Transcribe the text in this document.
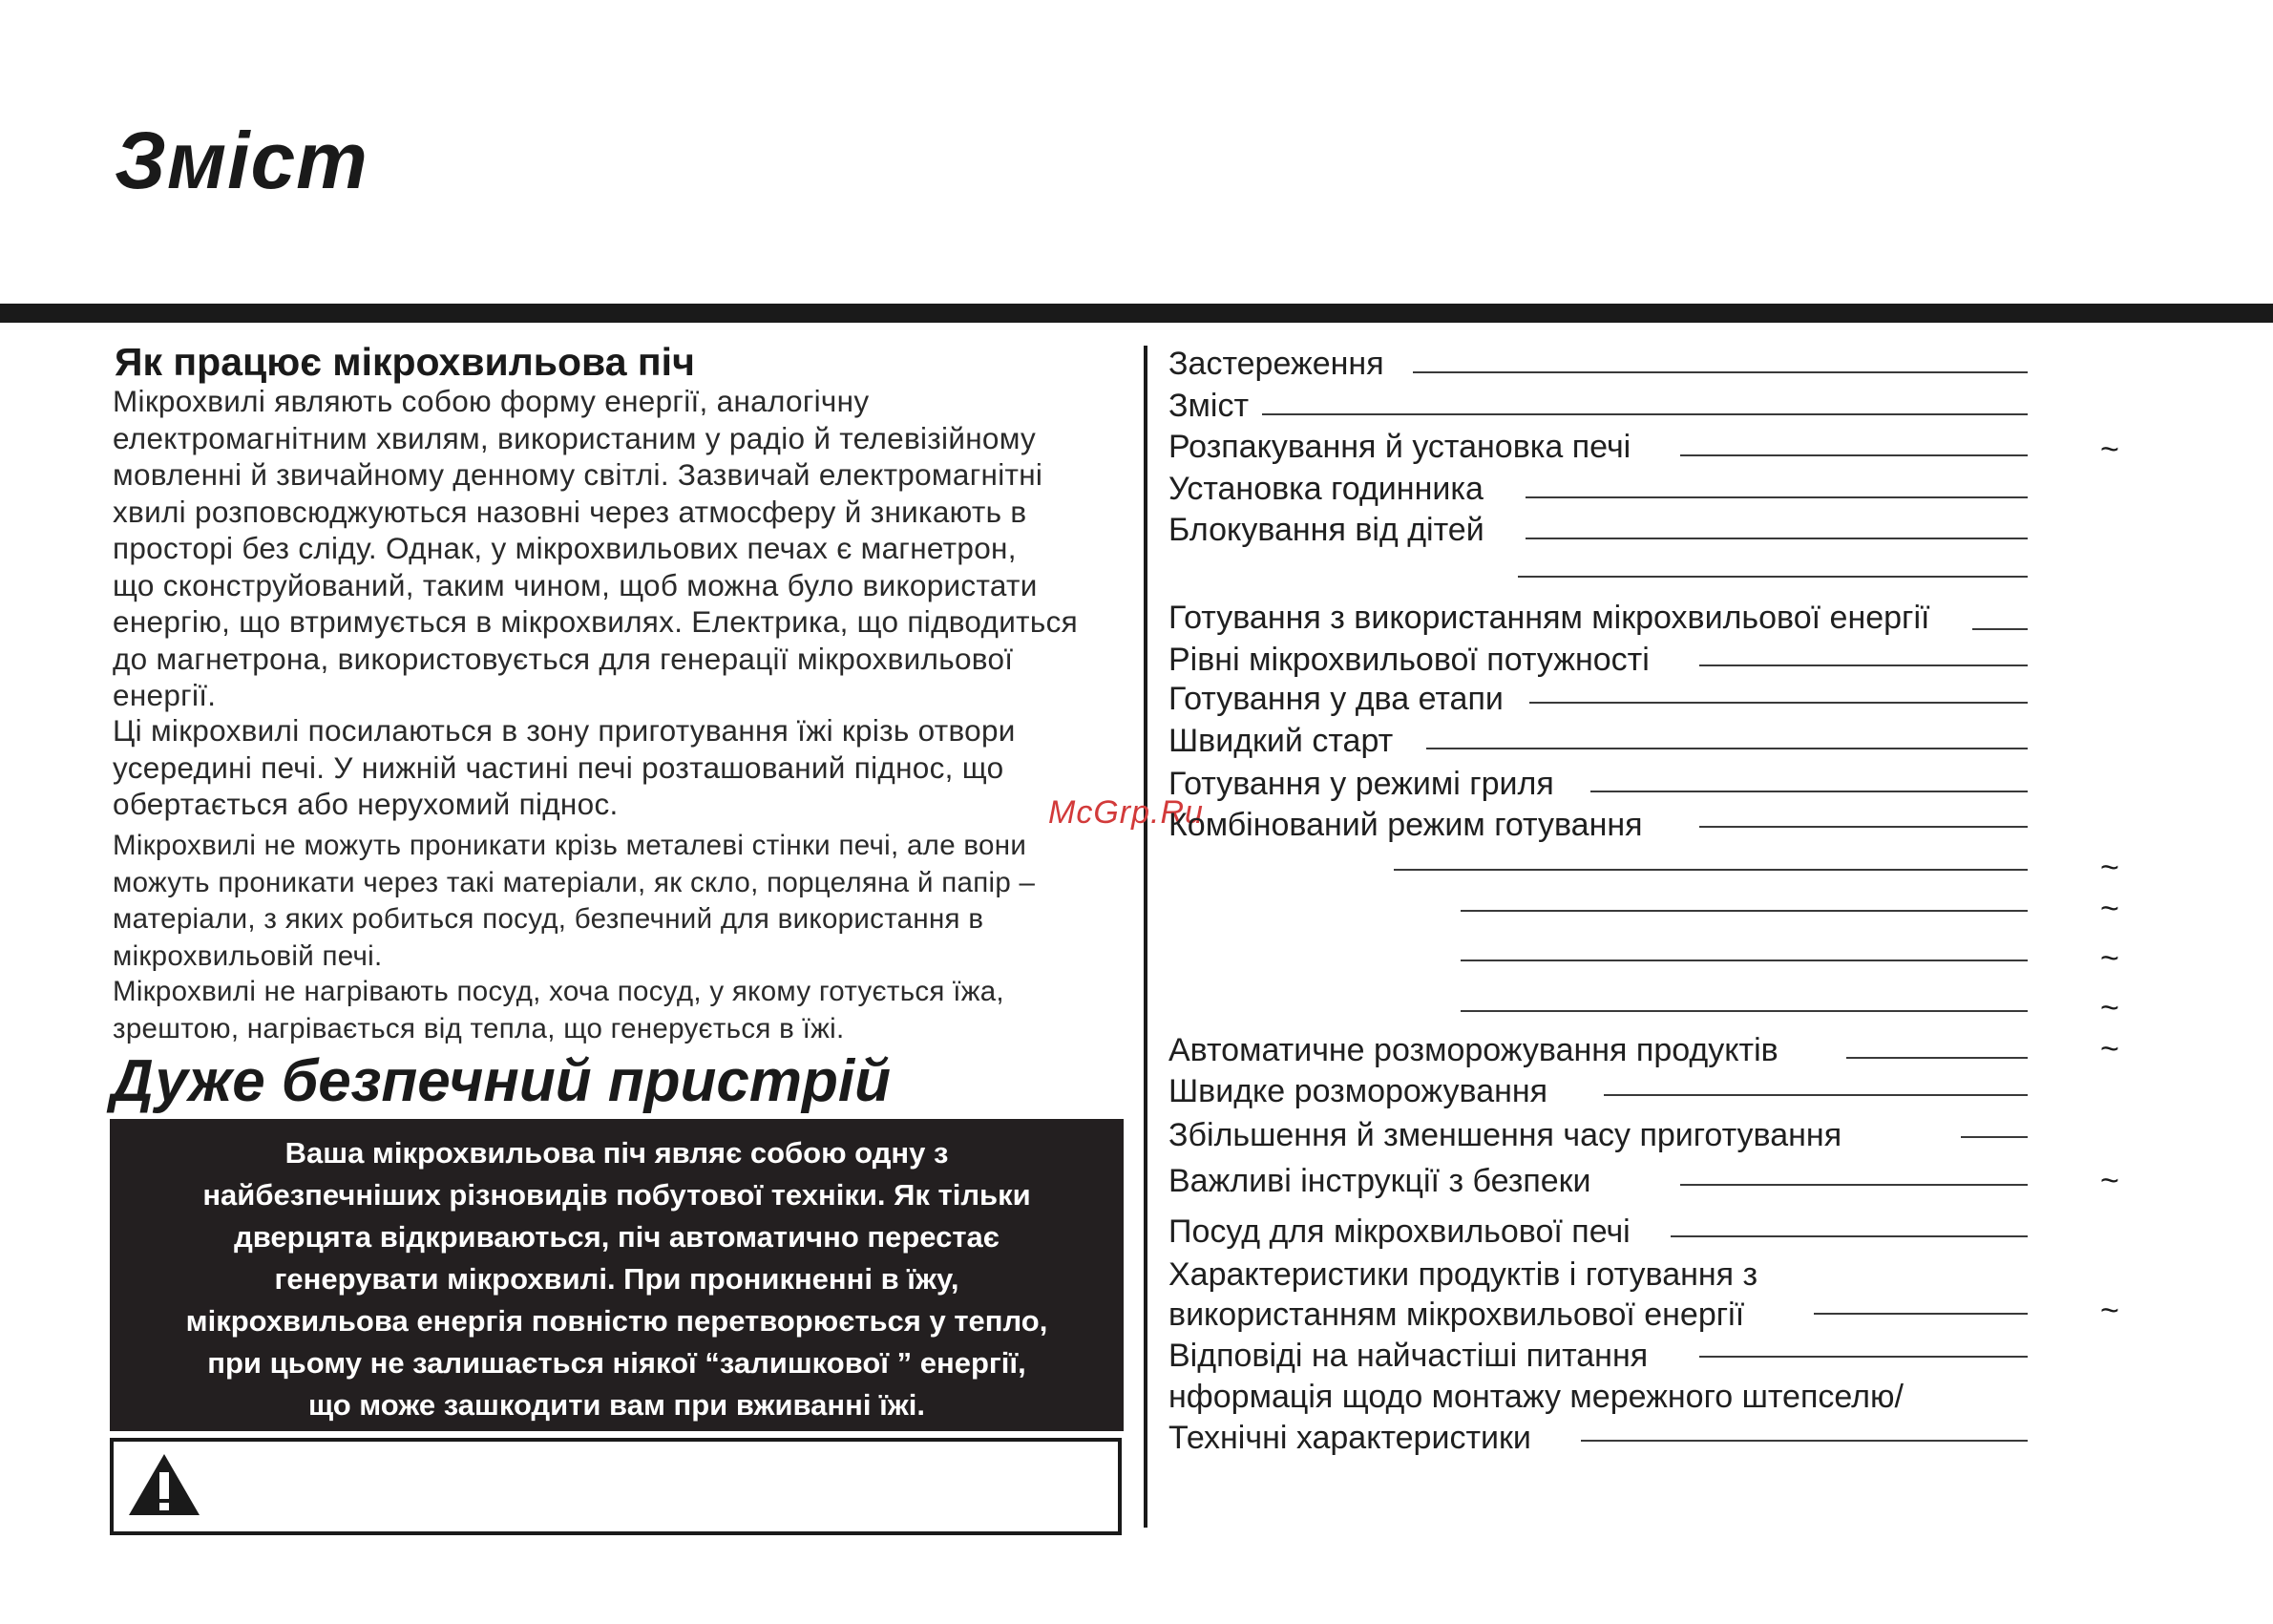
Зміст
Як працює мікрохвильова піч
Мікрохвилі являють собою форму енергії, аналогічну
електромагнітним хвилям, використаним у радіо й телевізійному
мовленні й звичайному денному світлі. Зазвичай електромагнітні
хвилі розповсюджуються назовні через атмосферу й зникають в
просторі без сліду. Однак, у мікрохвильових печах є магнетрон,
що сконструйований, таким чином, щоб можна було використати
енергію, що втримується в мікрохвилях. Електрика, що підводиться
до магнетрона, використовується для генерації мікрохвильової
енергії.
Ці мікрохвилі посилаються в зону приготування їжі крізь отвори
усередині печі. У нижній частині печі розташований піднос, що
обертається або нерухомий піднос.
Мікрохвилі не можуть проникати крізь металеві стінки печі, але вони
можуть проникати через такі матеріали, як скло, порцеляна й папір –
матеріали, з яких робиться посуд, безпечний для використання в
мікрохвильовій печі.
Мікрохвилі не нагрівають посуд, хоча посуд, у якому готується їжа,
зрештою, нагрівається від тепла, що генерується в їжі.
McGrp.Ru
Дуже безпечний пристрій
Ваша мікрохвильова піч являє собою одну з
найбезпечніших різновидів побутової техніки. Як тільки
дверцята відкриваються, піч автоматично перестає
генерувати мікрохвилі. При проникненні в їжу,
мікрохвильова енергія повністю перетворюється у тепло,
при цьому не залишається ніякої “залишкової ” енергії,
що може зашкодити вам при вживанні їжі.
Застереження
Зміст
Розпакування й установка печі	~
Установка годинника
Блокування від дітей
Готування з використанням мікрохвильової енергії
Рівні мікрохвильової потужності
Готування у два етапи
Швидкий старт
Готування у режимі гриля
Комбінований режим готування
~
~
~
~
Автоматичне розморожування продуктів	~
Швидке розморожування
Збільшення й зменшення часу приготування
Важливі інструкції з безпеки	~
Посуд для мікрохвильової печі
Характеристики продуктів і готування з
використанням мікрохвильової енергії	~
Відповіді на найчастіші питання
нформація щодо монтажу мережного штепселю/
Технічні характеристики
